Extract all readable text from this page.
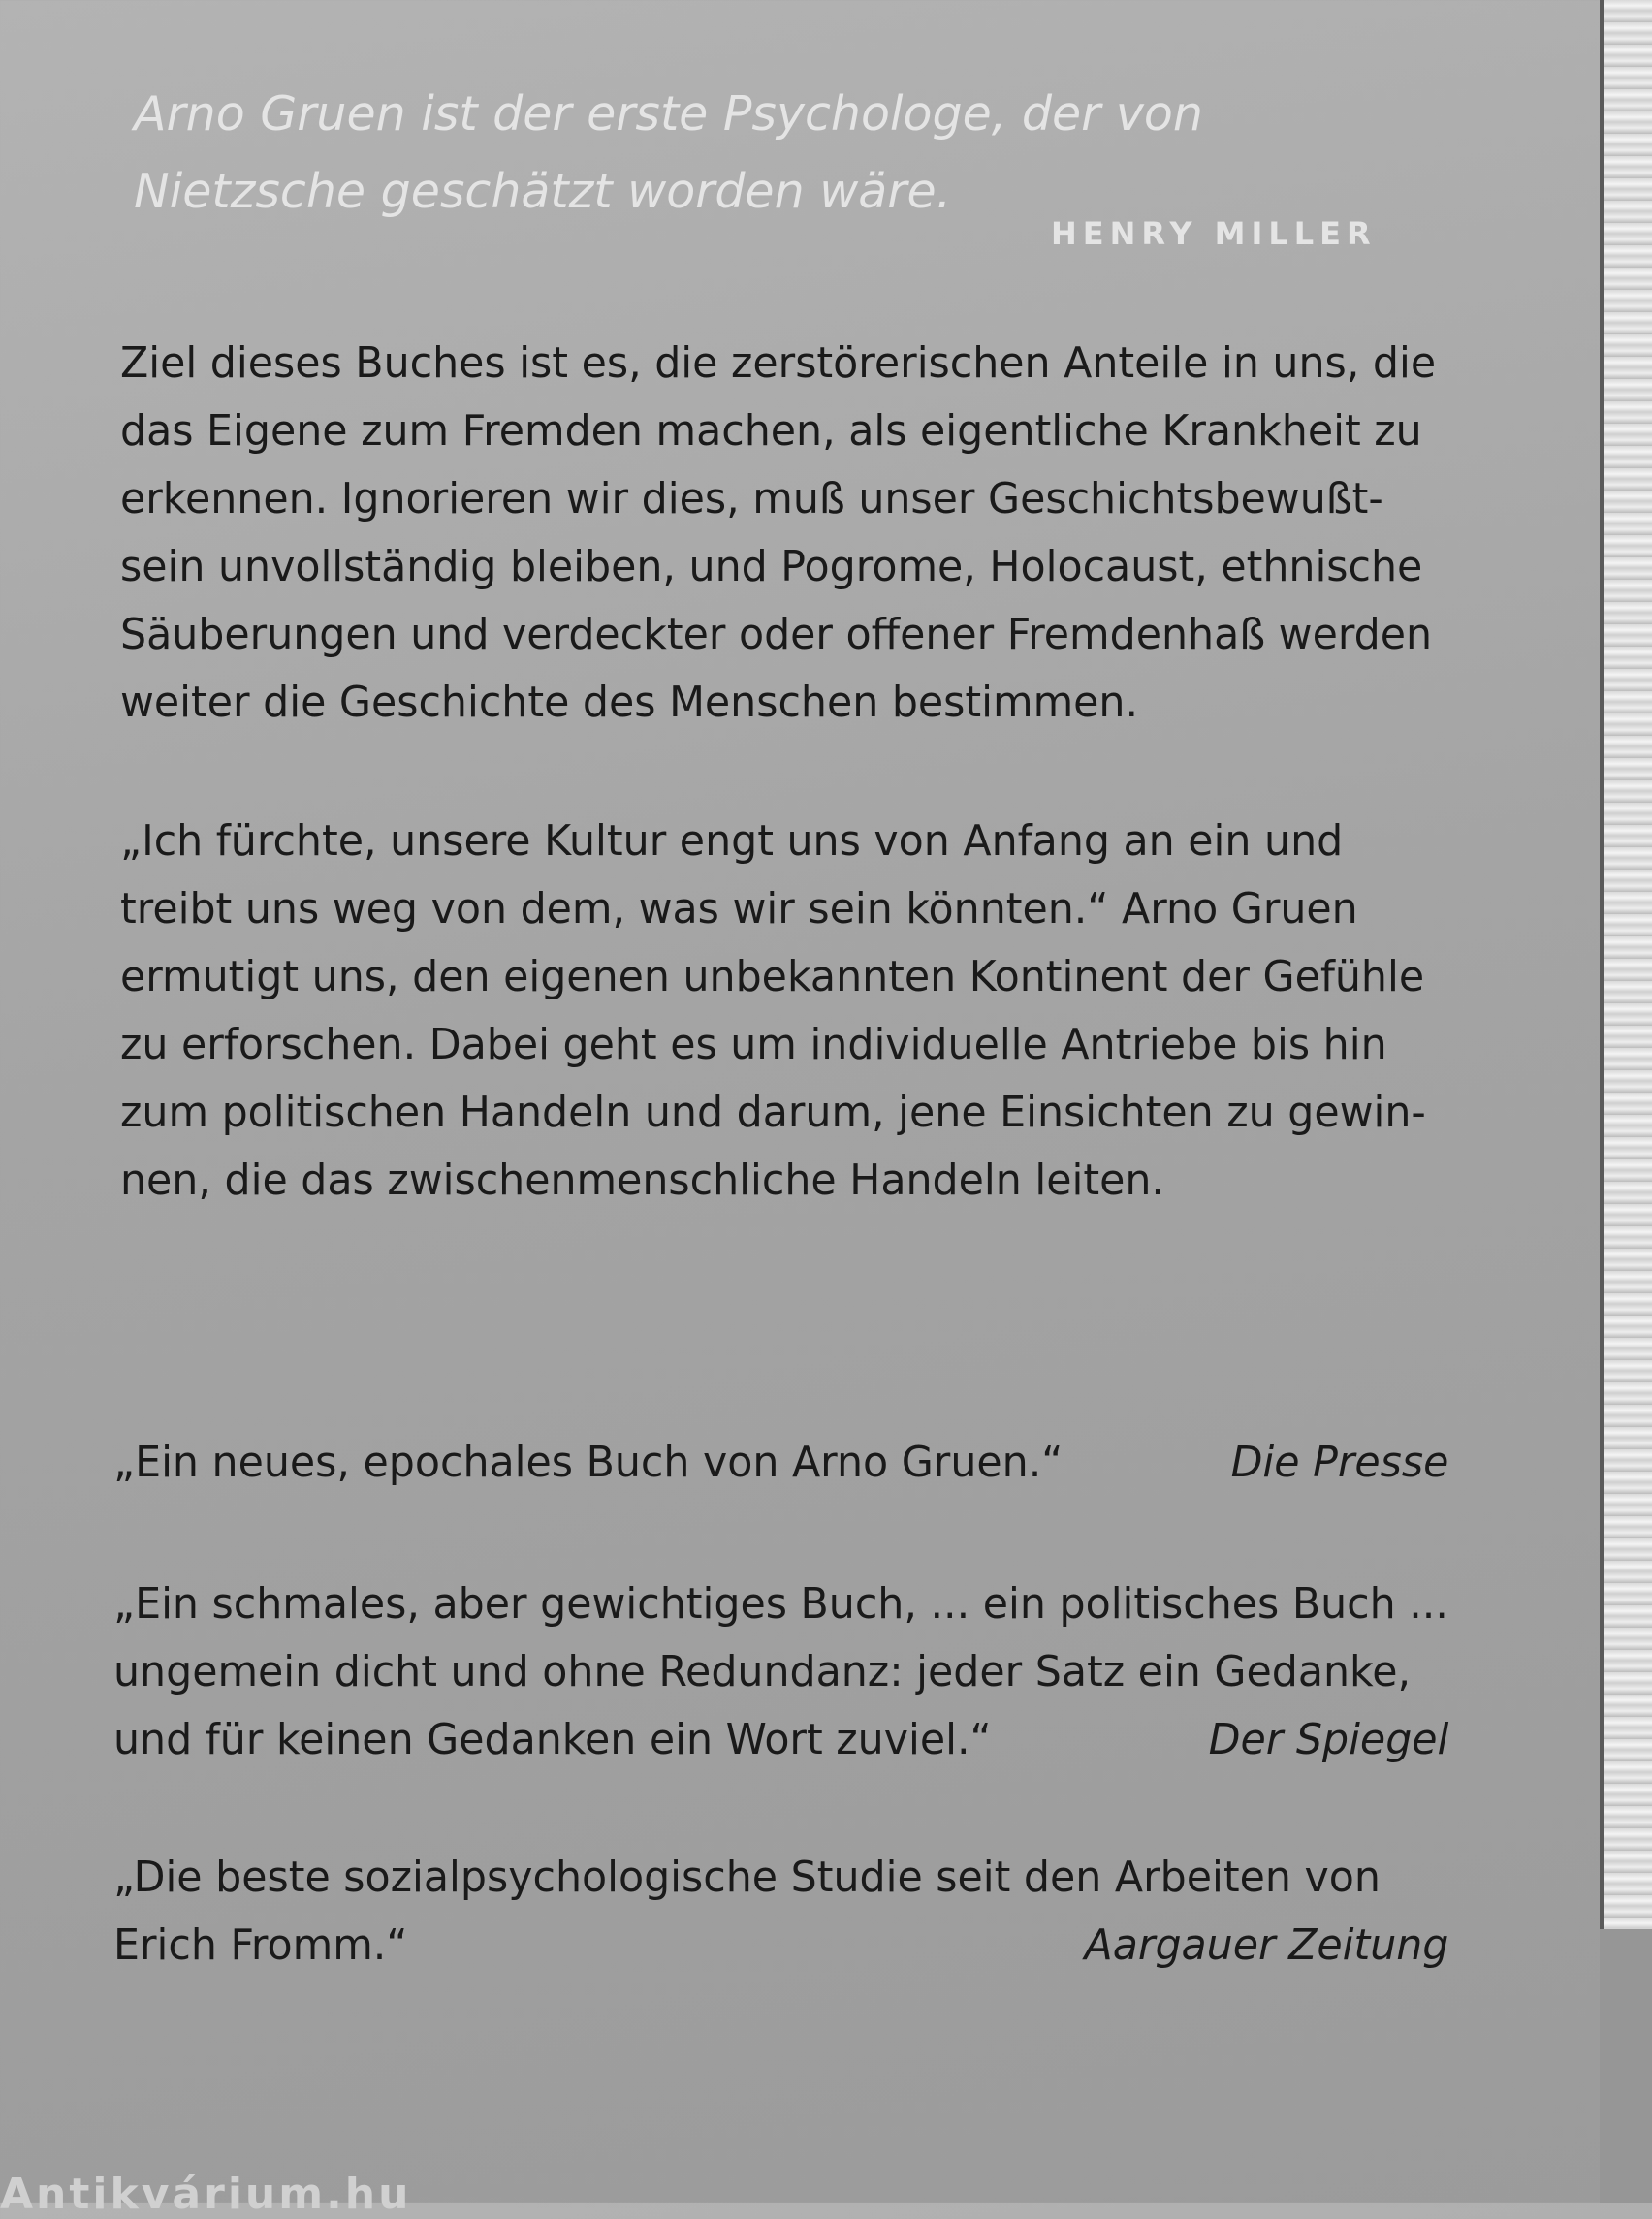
Arno Gruen ist der erste Psychologe, der von

Nietzsche geschätzt worden wäre.

HENRY MILLER

Ziel dieses Buches ist es, die zerstörerischen Anteile in uns, die
das Eigene zum Fremden machen, als eigentliche Krankheit zu
erkennen. Ignorieren wir dies, muß unser Geschichtsbewußt-
sein unvollständig bleiben, und Pogrome, Holocaust, ethnische
Säuberungen und verdeckter oder offener Fremdenhaß werden
weiter die Geschichte des Menschen bestimmen.

„Ich fürchte, unsere Kultur engt uns von Anfang an ein und
treibt uns weg von dem, was wir sein könnten.“ Arno Gruen
ermutigt uns, den eigenen unbekannten Kontinent der Gefühle
zu erforschen. Dabei geht es um individuelle Antriebe bis hin
zum politischen Handeln und darum, jene Einsichten zu gewin-
nen, die das zwischenmenschliche Handeln leiten.

„Ein neues, epochales Buch von Arno Gruen.“	Die Presse
„Ein schmales, aber gewichtiges Buch, ... ein politisches Buch ...
ungemein dicht und ohne Redundanz: jeder Satz ein Gedanke,
und für keinen Gedanken ein Wort zuviel.“	Der Spiegel
„Die beste sozialpsychologische Studie seit den Arbeiten von
Erich Fromm.“	Aargauer Zeitung
Antikvárium.hu
